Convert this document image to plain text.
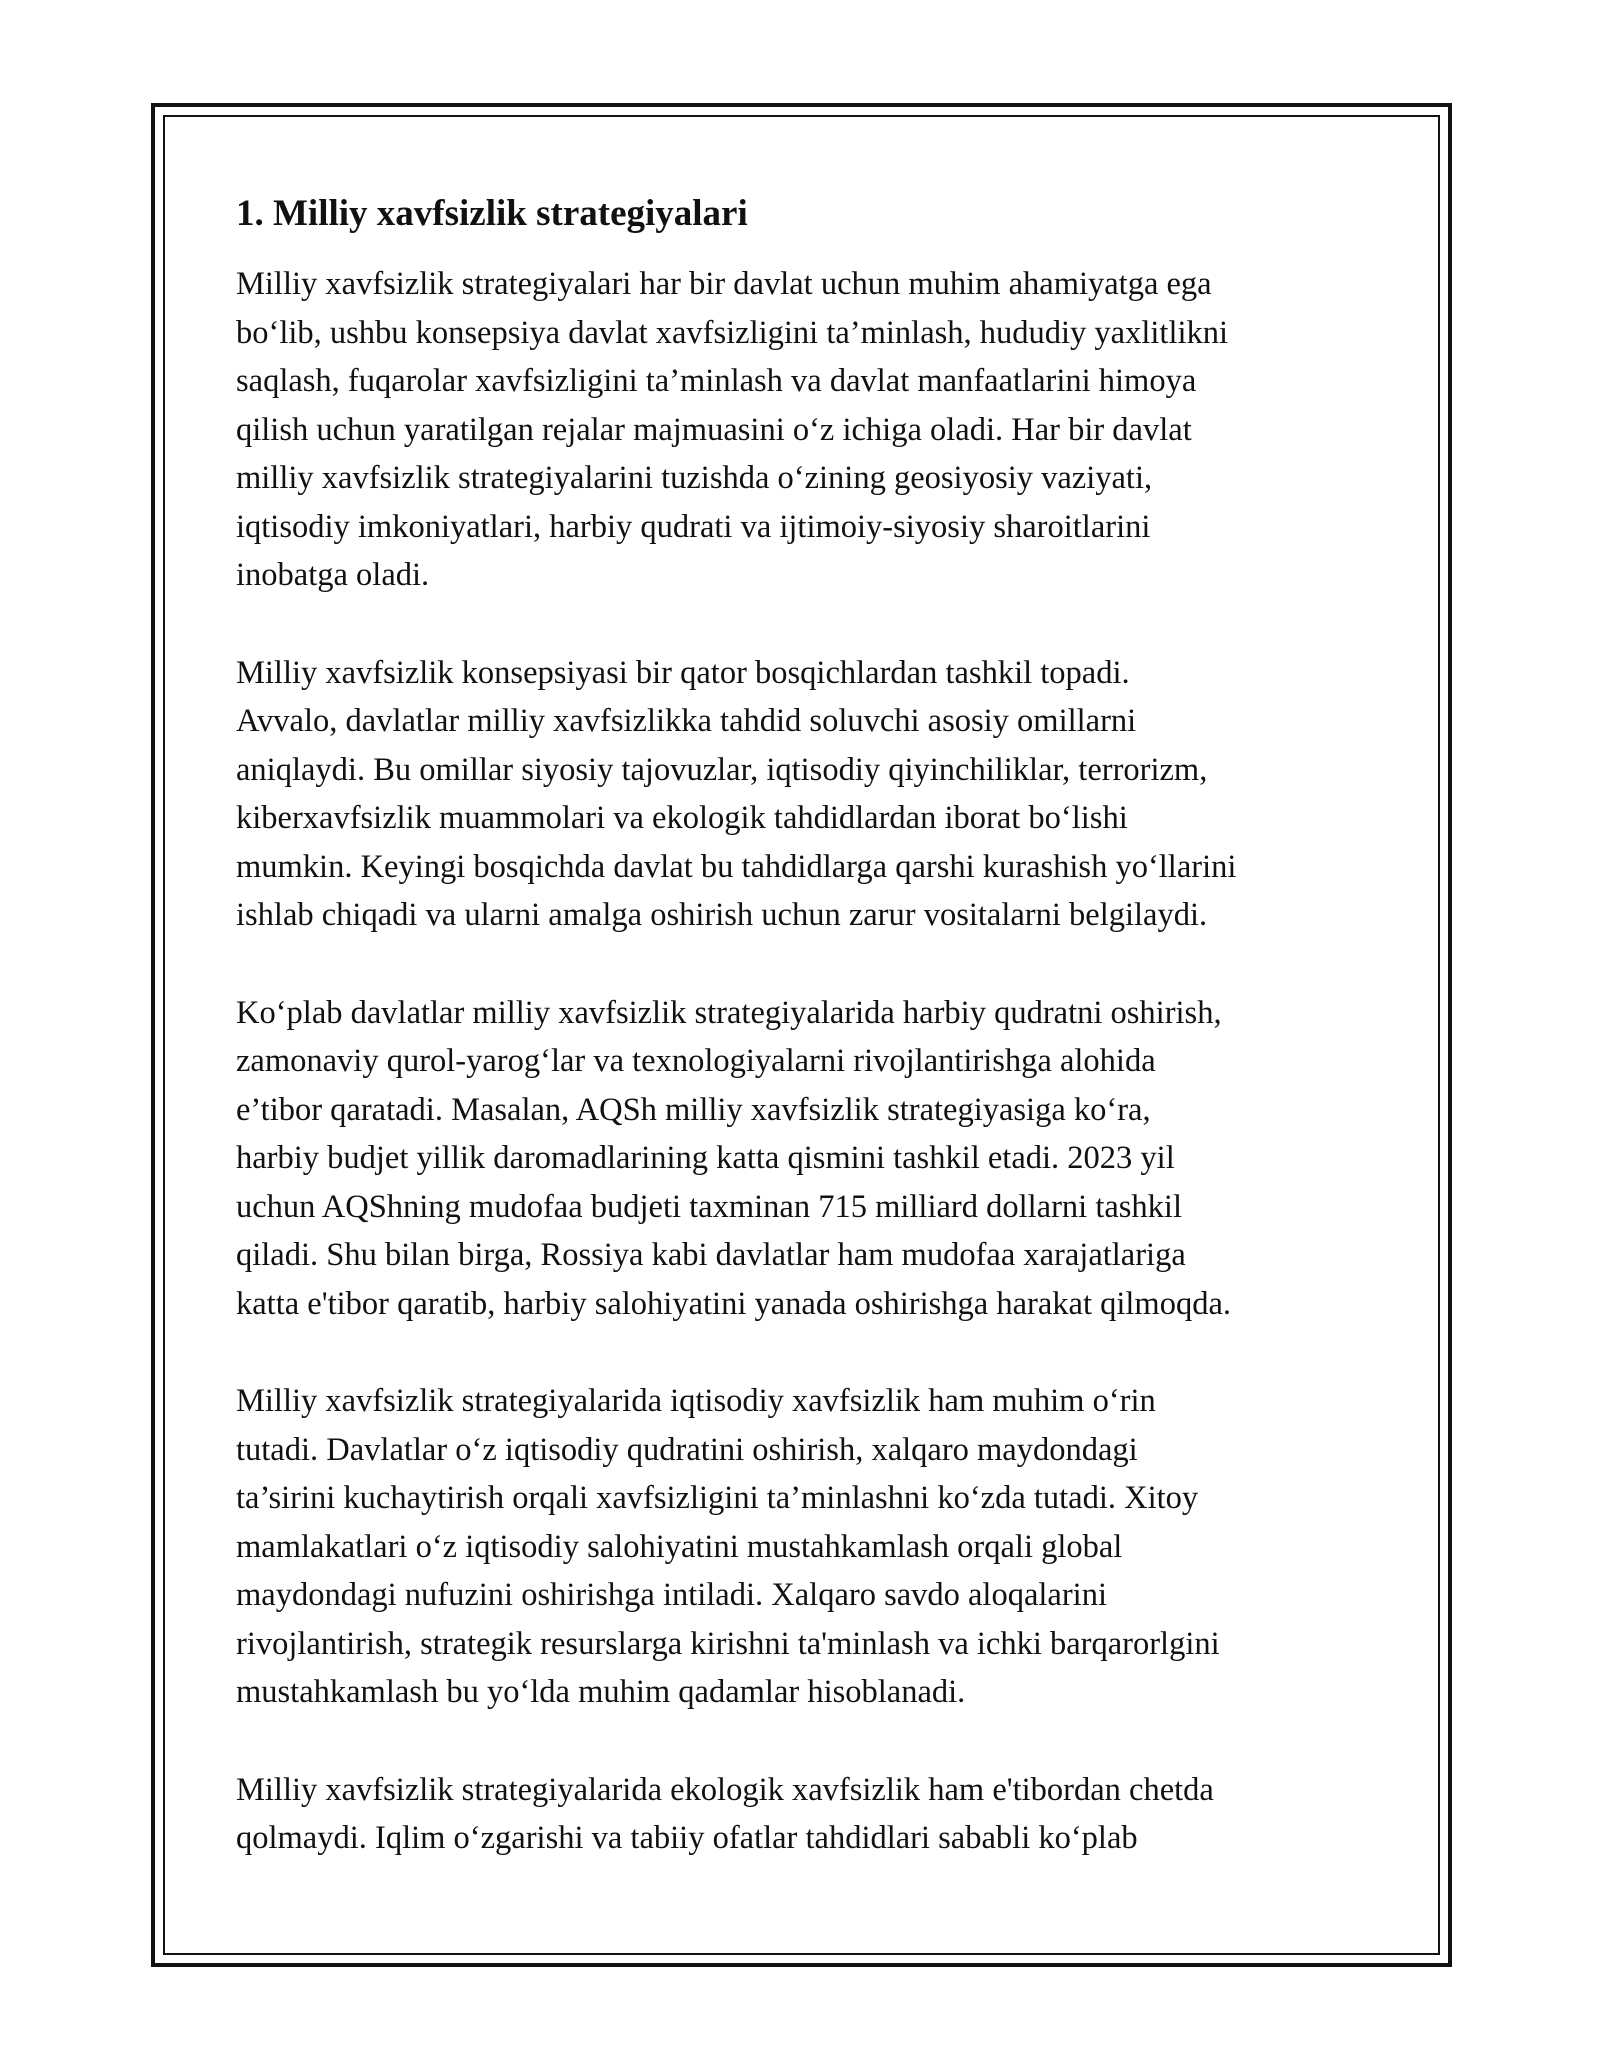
1. Milliy xavfsizlik strategiyalari
Milliy xavfsizlik strategiyalari har bir davlat uchun muhim ahamiyatga ega
bo‘lib, ushbu konsepsiya davlat xavfsizligini ta’minlash, hududiy yaxlitlikni
saqlash, fuqarolar xavfsizligini ta’minlash va davlat manfaatlarini himoya
qilish uchun yaratilgan rejalar majmuasini o‘z ichiga oladi. Har bir davlat
milliy xavfsizlik strategiyalarini tuzishda o‘zining geosiyosiy vaziyati,
iqtisodiy imkoniyatlari, harbiy qudrati va ijtimoiy-siyosiy sharoitlarini
inobatga oladi.
Milliy xavfsizlik konsepsiyasi bir qator bosqichlardan tashkil topadi.
Avvalo, davlatlar milliy xavfsizlikka tahdid soluvchi asosiy omillarni
aniqlaydi. Bu omillar siyosiy tajovuzlar, iqtisodiy qiyinchiliklar, terrorizm,
kiberxavfsizlik muammolari va ekologik tahdidlardan iborat bo‘lishi
mumkin. Keyingi bosqichda davlat bu tahdidlarga qarshi kurashish yo‘llarini
ishlab chiqadi va ularni amalga oshirish uchun zarur vositalarni belgilaydi.
Ko‘plab davlatlar milliy xavfsizlik strategiyalarida harbiy qudratni oshirish,
zamonaviy qurol-yarog‘lar va texnologiyalarni rivojlantirishga alohida
e’tibor qaratadi. Masalan, AQSh milliy xavfsizlik strategiyasiga ko‘ra,
harbiy budjet yillik daromadlarining katta qismini tashkil etadi. 2023 yil
uchun AQShning mudofaa budjeti taxminan 715 milliard dollarni tashkil
qiladi. Shu bilan birga, Rossiya kabi davlatlar ham mudofaa xarajatlariga
katta e'tibor qaratib, harbiy salohiyatini yanada oshirishga harakat qilmoqda.
Milliy xavfsizlik strategiyalarida iqtisodiy xavfsizlik ham muhim o‘rin
tutadi. Davlatlar o‘z iqtisodiy qudratini oshirish, xalqaro maydondagi
ta’sirini kuchaytirish orqali xavfsizligini ta’minlashni ko‘zda tutadi. Xitoy
mamlakatlari o‘z iqtisodiy salohiyatini mustahkamlash orqali global
maydondagi nufuzini oshirishga intiladi. Xalqaro savdo aloqalarini
rivojlantirish, strategik resurslarga kirishni ta'minlash va ichki barqarorlgini
mustahkamlash bu yo‘lda muhim qadamlar hisoblanadi.
Milliy xavfsizlik strategiyalarida ekologik xavfsizlik ham e'tibordan chetda
qolmaydi. Iqlim o‘zgarishi va tabiiy ofatlar tahdidlari sababli ko‘plab
